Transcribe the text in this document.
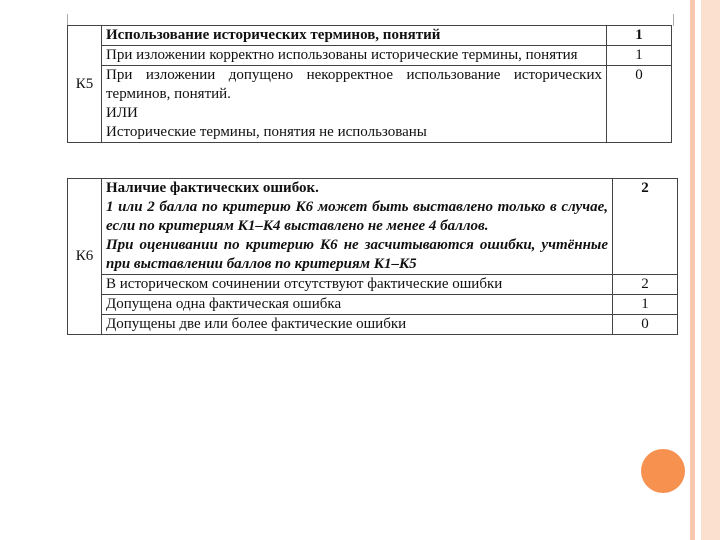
К5	Использование исторических терминов, понятий	1
	При изложении корректно использованы исторические термины, понятия	1

	При изложении допущено некорректное использование исторических терминов, понятий.
ИЛИ
Исторические термины, понятия не использованы	0
К6	Наличие фактических ошибок.
1 или 2 балла по критерию К6 может быть выставлено только в случае, если по критериям К1–К4 выставлено не менее 4 баллов.
При оценивании по критерию К6 не засчитываются ошибки, учтённые при выставлении баллов по критериям К1–К5	2
	В историческом сочинении отсутствуют фактические ошибки	2
	Допущена одна фактическая ошибка	1
	Допущены две или более фактические ошибки	0
